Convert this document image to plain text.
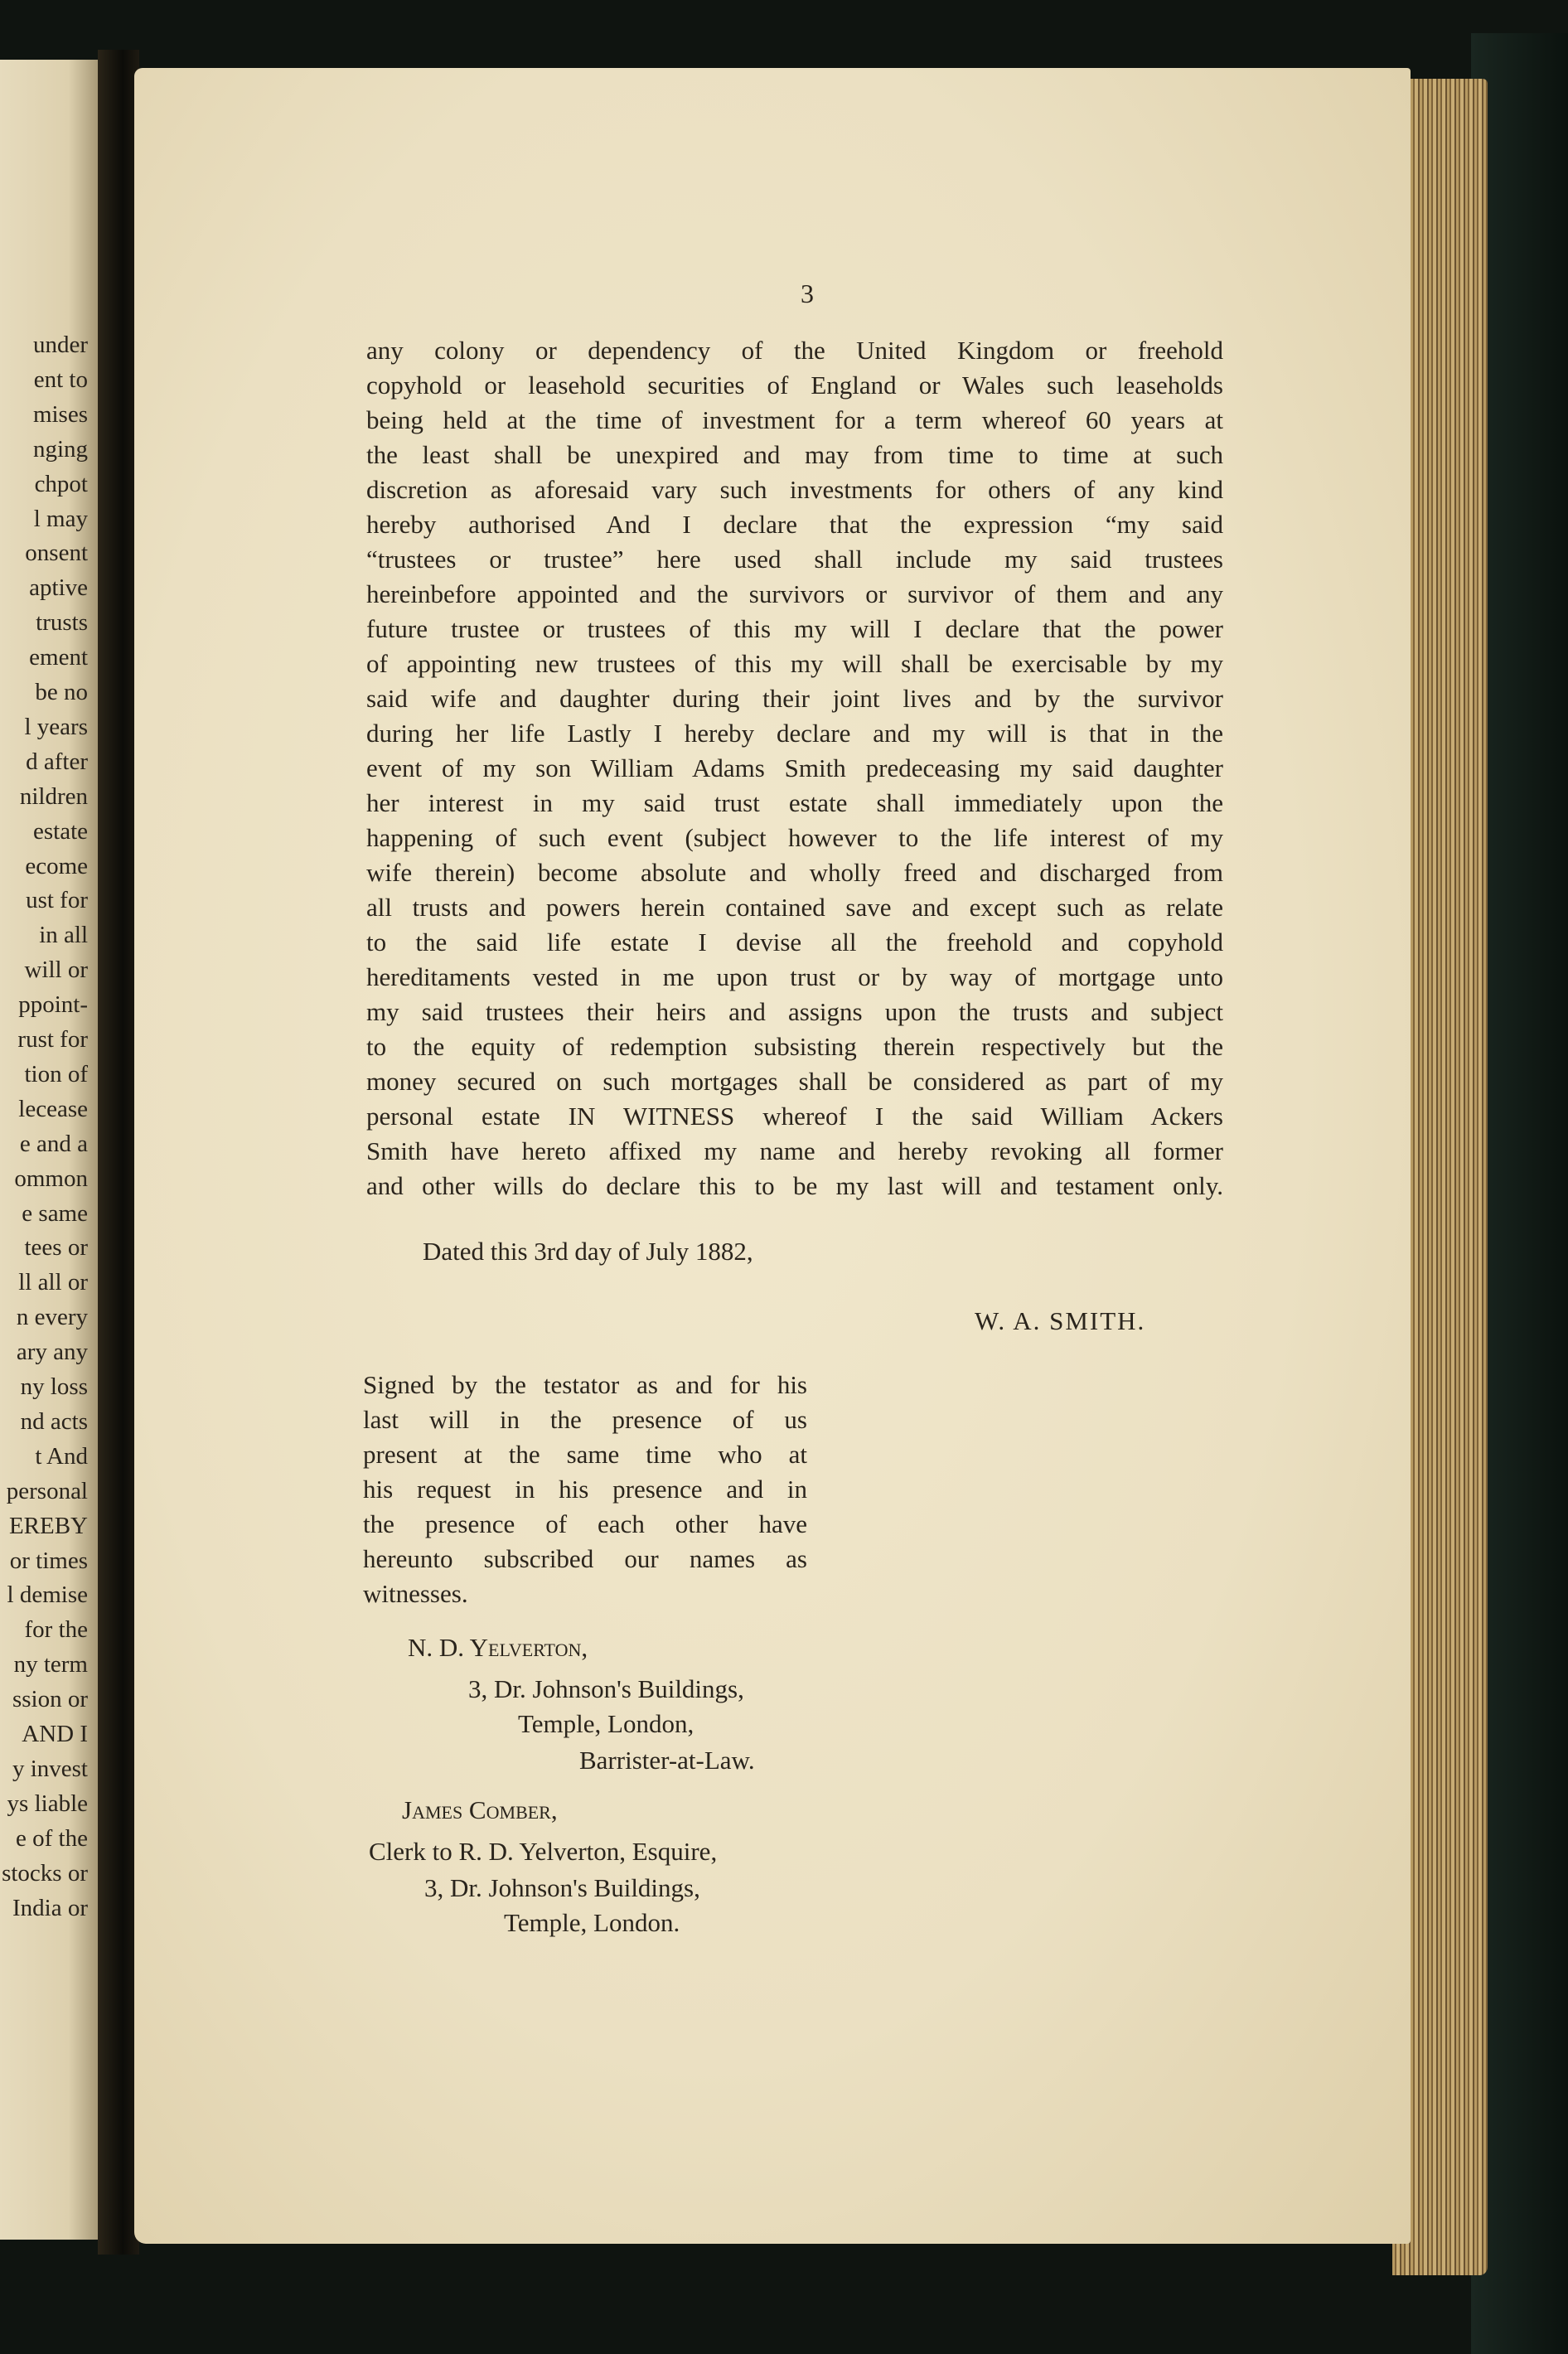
under
ent to
mises
nging
chpot
l may
onsent
aptive
trusts
ement
be no
l years
d after
nildren
estate
ecome
ust for
in all
will or
ppoint-
rust for
tion of
lecease
e and a
ommon
e same
tees or
ll all or
n every
ary any
ny loss
nd acts
t And
personal
EREBY
or times
l demise
for the
ny term
ssion or
AND I
y invest
ys liable
e of the
stocks or
India or
3
any colony or dependency of the United Kingdom or freehold
copyhold or leasehold securities of England or Wales such leaseholds
being held at the time of investment for a term whereof 60 years at
the least shall be unexpired and may from time to time at such
discretion as aforesaid vary such investments for others of any kind
hereby authorised And I declare that the expression “my said
“trustees or trustee” here used shall include my said trustees
hereinbefore appointed and the survivors or survivor of them and any
future trustee or trustees of this my will I declare that the power
of appointing new trustees of this my will shall be exercisable by my
said wife and daughter during their joint lives and by the survivor
during her life Lastly I hereby declare and my will is that in the
event of my son William Adams Smith predeceasing my said daughter
her interest in my said trust estate shall immediately upon the
happening of such event (subject however to the life interest of my
wife therein) become absolute and wholly freed and discharged from
all trusts and powers herein contained save and except such as relate
to the said life estate I devise all the freehold and copyhold
hereditaments vested in me upon trust or by way of mortgage unto
my said trustees their heirs and assigns upon the trusts and subject
to the equity of redemption subsisting therein respectively but the
money secured on such mortgages shall be considered as part of my
personal estate IN WITNESS whereof I the said William Ackers
Smith have hereto affixed my name and hereby revoking all former
and other wills do declare this to be my last will and testament only.
Dated this 3rd day of July 1882,
W. A. SMITH.
Signed by the testator as and for his
last will in the presence of us
present at the same time who at
his request in his presence and in
the presence of each other have
hereunto subscribed our names as
witnesses.
N. D. Yelverton,
3, Dr. Johnson's Buildings,
Temple, London,
Barrister-at-Law.
James Comber,
Clerk to R. D. Yelverton, Esquire,
3, Dr. Johnson's Buildings,
Temple, London.
